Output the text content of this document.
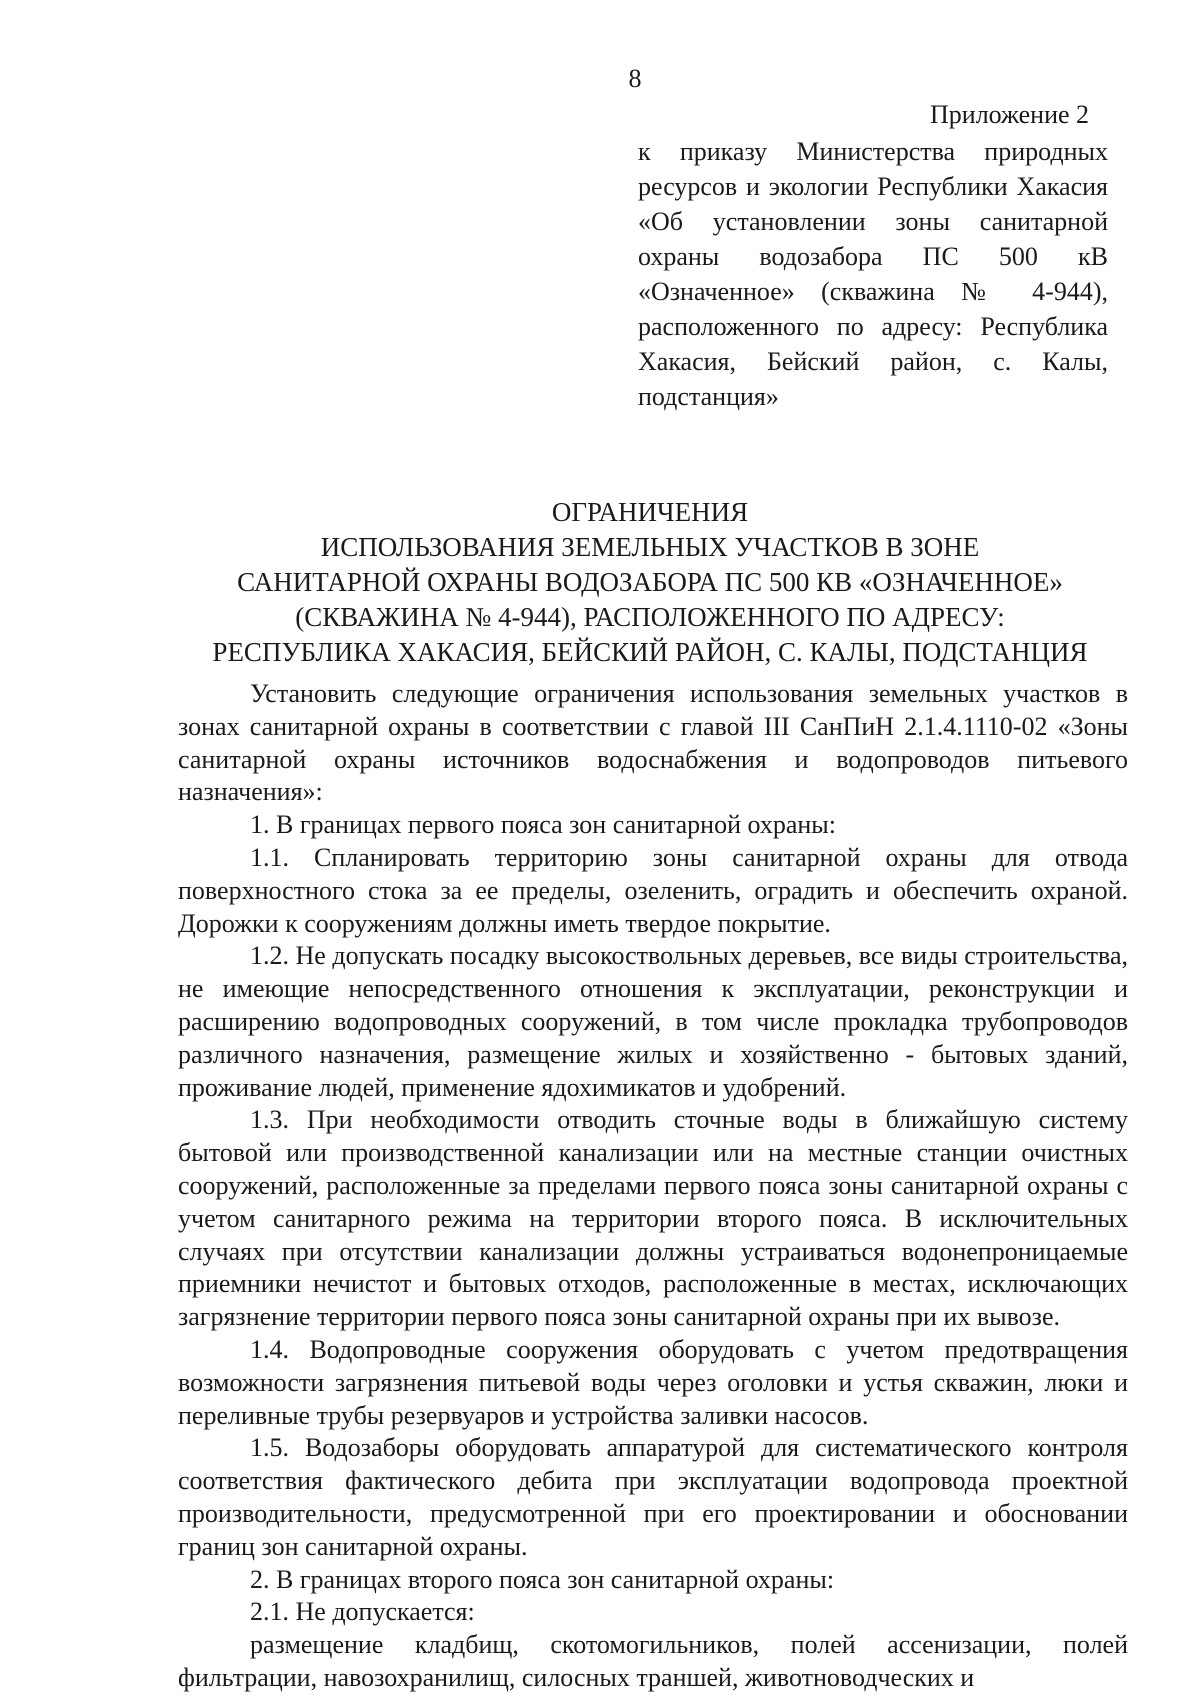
8
Приложение 2
к приказу Министерства природных ресурсов и экологии Республики Хакасия «Об установлении зоны санитарной охраны водозабора ПС 500 кВ «Означенное» (скважина № 4-944), расположенного по адресу: Республика Хакасия, Бейский район, с. Калы, подстанция»
ОГРАНИЧЕНИЯ
ИСПОЛЬЗОВАНИЯ ЗЕМЕЛЬНЫХ УЧАСТКОВ В ЗОНЕ
САНИТАРНОЙ ОХРАНЫ ВОДОЗАБОРА ПС 500 КВ «ОЗНАЧЕННОЕ»
(СКВАЖИНА № 4-944), РАСПОЛОЖЕННОГО ПО АДРЕСУ:
РЕСПУБЛИКА ХАКАСИЯ, БЕЙСКИЙ РАЙОН, С. КАЛЫ, ПОДСТАНЦИЯ

Установить следующие ограничения использования земельных участков в зонах санитарной охраны в соответствии с главой III СанПиН 2.1.4.1110-02 «Зоны санитарной охраны источников водоснабжения и водопроводов питьевого назначения»:

1. В границах первого пояса зон санитарной охраны:

1.1. Спланировать территорию зоны санитарной охраны для отвода поверхностного стока за ее пределы, озеленить, оградить и обеспечить охраной. Дорожки к сооружениям должны иметь твердое покрытие.

1.2. Не допускать посадку высокоствольных деревьев, все виды строительства, не имеющие непосредственного отношения к эксплуатации, реконструкции и расширению водопроводных сооружений, в том числе прокладка трубопроводов различного назначения, размещение жилых и хозяйственно - бытовых зданий, проживание людей, применение ядохимикатов и удобрений.

1.3. При необходимости отводить сточные воды в ближайшую систему бытовой или производственной канализации или на местные станции очистных сооружений, расположенные за пределами первого пояса зоны санитарной охраны с учетом санитарного режима на территории второго пояса. В исключительных случаях при отсутствии канализации должны устраиваться водонепроницаемые приемники нечистот и бытовых отходов, расположенные в местах, исключающих загрязнение территории первого пояса зоны санитарной охраны при их вывозе.

1.4. Водопроводные сооружения оборудовать с учетом предотвращения возможности загрязнения питьевой воды через оголовки и устья скважин, люки и переливные трубы резервуаров и устройства заливки насосов.

1.5. Водозаборы оборудовать аппаратурой для систематического контроля соответствия фактического дебита при эксплуатации водопровода проектной производительности, предусмотренной при его проектировании и обосновании границ зон санитарной охраны.

2. В границах второго пояса зон санитарной охраны:

2.1. Не допускается:

размещение кладбищ, скотомогильников, полей ассенизации, полей фильтрации, навозохранилищ, силосных траншей, животноводческих и
